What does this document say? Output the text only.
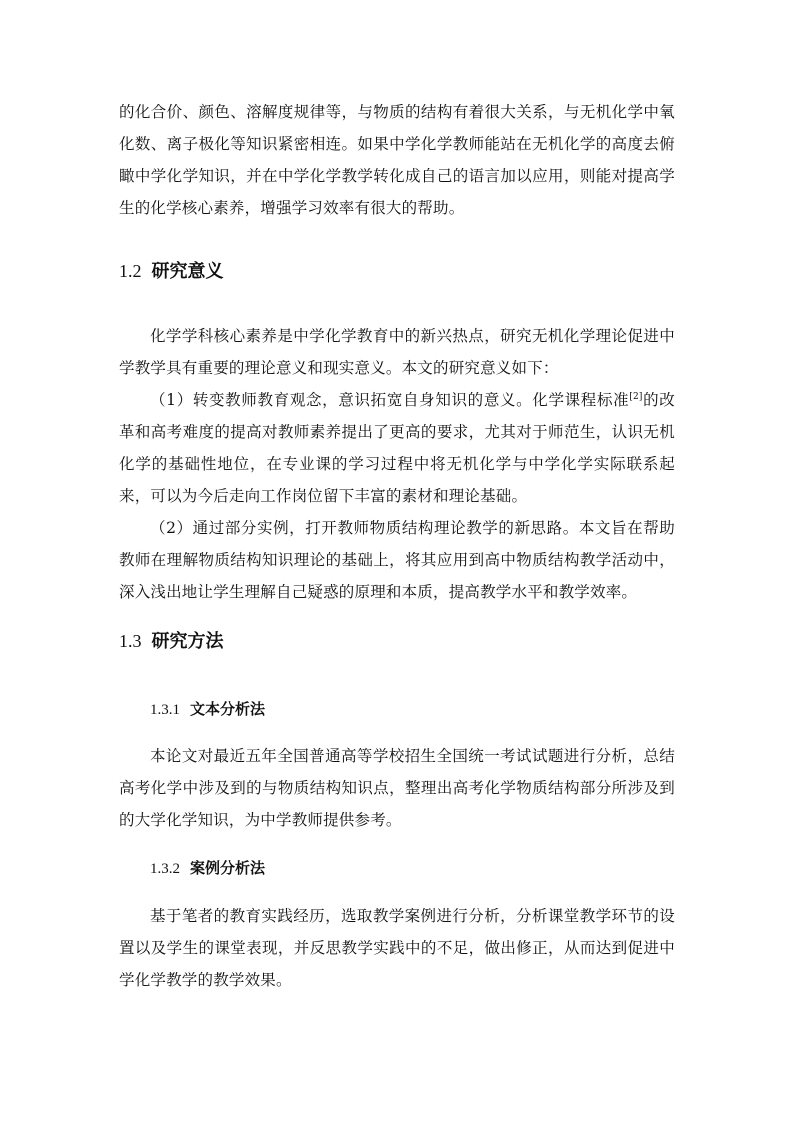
的化合价、颜色、溶解度规律等，与物质的结构有着很大关系，与无机化学中氧化数、离子极化等知识紧密相连。如果中学化学教师能站在无机化学的高度去俯瞰中学化学知识，并在中学化学教学转化成自己的语言加以应用，则能对提高学生的化学核心素养，增强学习效率有很大的帮助。

1.2 研究意义

化学学科核心素养是中学化学教育中的新兴热点，研究无机化学理论促进中学教学具有重要的理论意义和现实意义。本文的研究意义如下：

（1）转变教师教育观念，意识拓宽自身知识的意义。化学课程标准[2]的改革和高考难度的提高对教师素养提出了更高的要求，尤其对于师范生，认识无机化学的基础性地位，在专业课的学习过程中将无机化学与中学化学实际联系起来，可以为今后走向工作岗位留下丰富的素材和理论基础。

（2）通过部分实例，打开教师物质结构理论教学的新思路。本文旨在帮助教师在理解物质结构知识理论的基础上，将其应用到高中物质结构教学活动中，深入浅出地让学生理解自己疑惑的原理和本质，提高教学水平和教学效率。

1.3 研究方法
1.3.1 文本分析法

本论文对最近五年全国普通高等学校招生全国统一考试试题进行分析，总结高考化学中涉及到的与物质结构知识点，整理出高考化学物质结构部分所涉及到的大学化学知识，为中学教师提供参考。

1.3.2 案例分析法

基于笔者的教育实践经历，选取教学案例进行分析，分析课堂教学环节的设置以及学生的课堂表现，并反思教学实践中的不足，做出修正，从而达到促进中学化学教学的教学效果。
